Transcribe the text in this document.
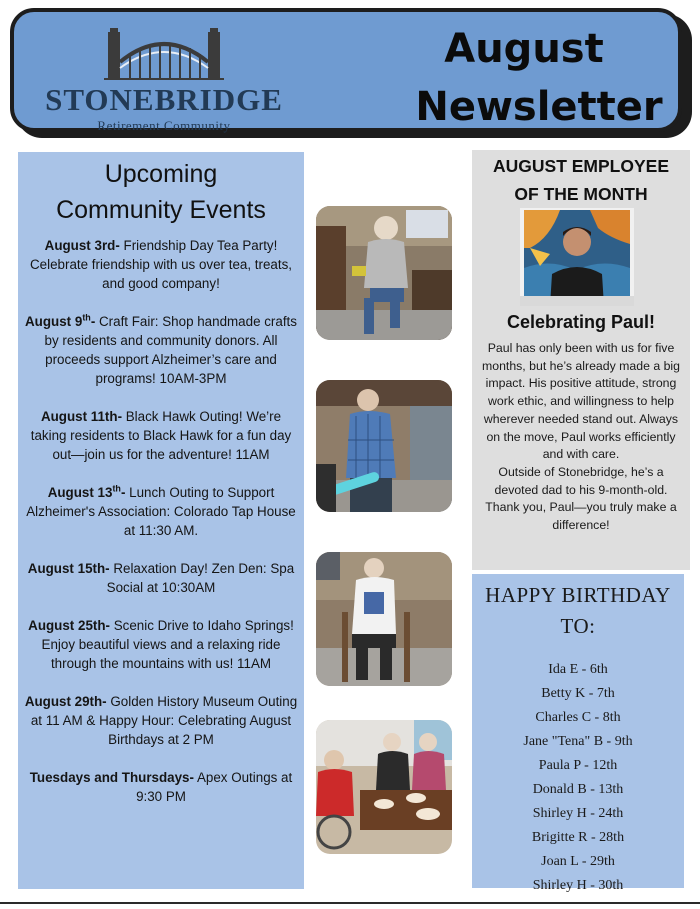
STONEBRIDGE
Retirement Community
August
Newsletter
Upcoming
Community Events
August 3rd- Friendship Day Tea Party! Celebrate friendship with us over tea, treats, and good company!
August 9th- Craft Fair: Shop handmade crafts by residents and community donors. All proceeds support Alzheimer’s care and programs! 10AM-3PM
August 11th- Black Hawk Outing! We’re taking residents to Black Hawk for a fun day out—join us for the adventure! 11AM
August 13th- Lunch Outing to Support Alzheimer's Association: Colorado Tap House at 11:30 AM.
August 15th- Relaxation Day! Zen Den: Spa Social at 10:30AM
August 25th- Scenic Drive to Idaho Springs! Enjoy beautiful views and a relaxing ride through the mountains with us! 11AM
August 29th- Golden History Museum Outing at 11 AM & Happy Hour: Celebrating August Birthdays at 2 PM
Tuesdays and Thursdays- Apex Outings at 9:30 PM
AUGUST EMPLOYEE
OF THE MONTH
Celebrating Paul!
Paul has only been with us for five months, but he’s already made a big impact. His positive attitude, strong work ethic, and willingness to help wherever needed stand out. Always on the move, Paul works efficiently and with care.
Outside of Stonebridge, he’s a devoted dad to his 9-month-old. Thank you, Paul—you truly make a difference!
HAPPY BIRTHDAY
TO:
Ida E - 6th
Betty K - 7th
Charles C - 8th
Jane "Tena" B - 9th
Paula P - 12th
Donald B - 13th
Shirley H - 24th
Brigitte R - 28th
Joan L - 29th
Shirley H - 30th
